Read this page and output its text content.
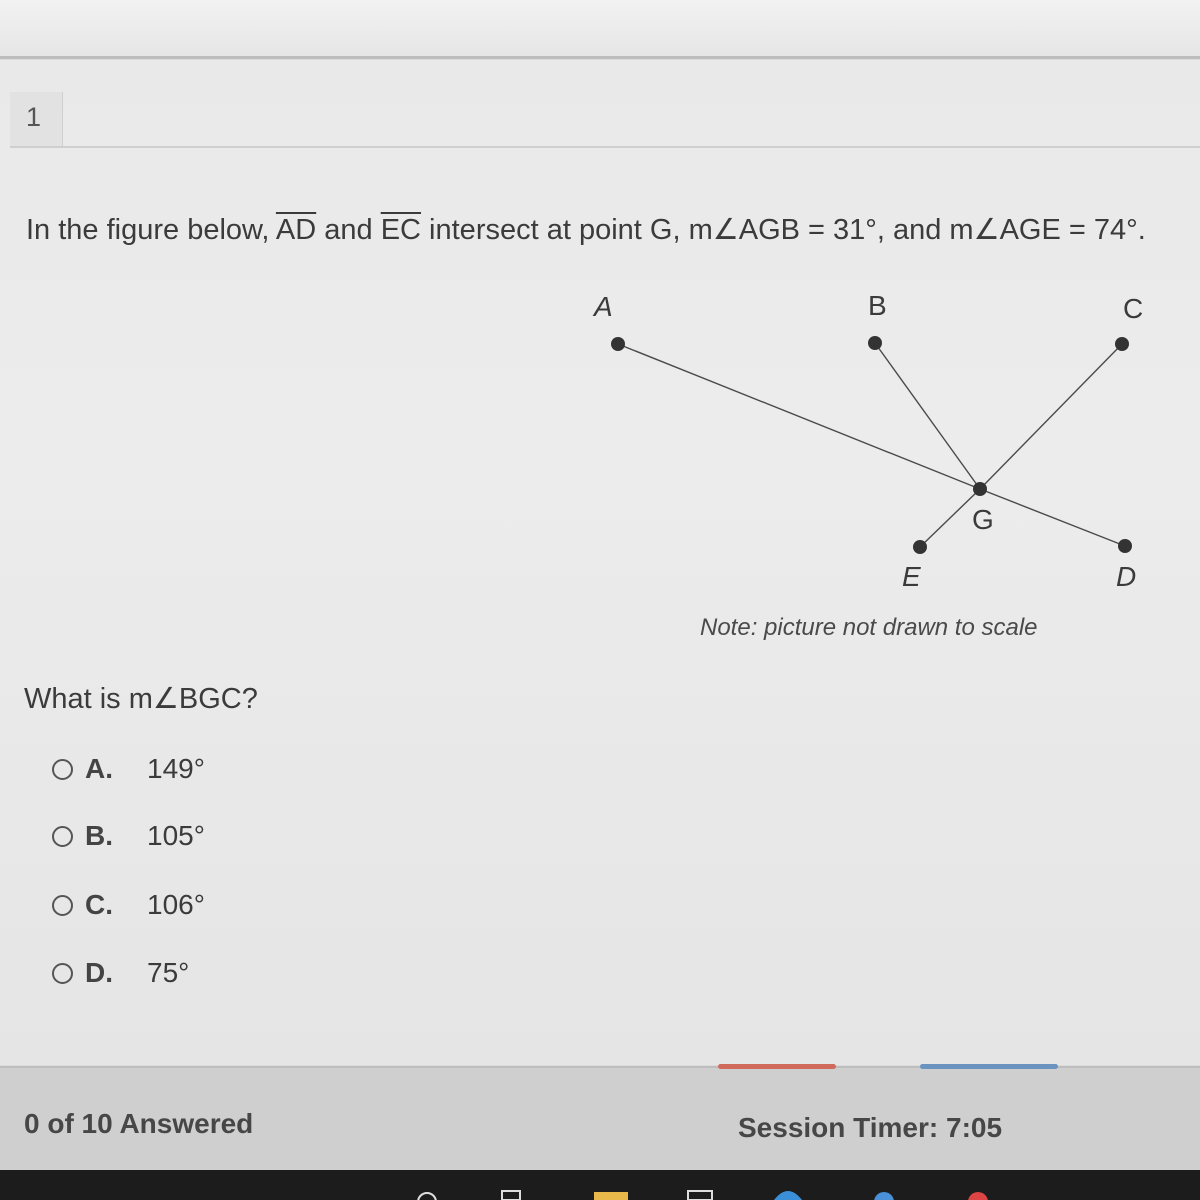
1
In the figure below, $\overline{AD}$ and $\overline{EC}$ intersect at point G, m∠AGB = 31°, and m∠AGE = 74°.
A	B	C
G
E	D
Note: picture not drawn to scale
What is m∠BGC?
A.	149°
B.	105°
C.	106°
D.	75°
0 of 10 Answered	Session Timer: 7:05
